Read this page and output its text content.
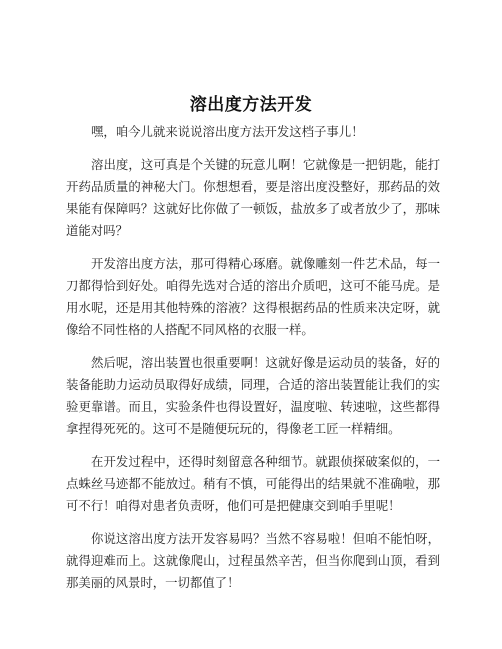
溶出度方法开发

嘿，咱今儿就来说说溶出度方法开发这档子事儿！

溶出度，这可真是个关键的玩意儿啊！它就像是一把钥匙，能打开药品质量的神秘大门。你想想看，要是溶出度没整好，那药品的效果能有保障吗？这就好比你做了一顿饭，盐放多了或者放少了，那味道能对吗？

开发溶出度方法，那可得精心琢磨。就像雕刻一件艺术品，每一刀都得恰到好处。咱得先选对合适的溶出介质吧，这可不能马虎。是用水呢，还是用其他特殊的溶液？这得根据药品的性质来决定呀，就像给不同性格的人搭配不同风格的衣服一样。

然后呢，溶出装置也很重要啊！这就好像是运动员的装备，好的装备能助力运动员取得好成绩，同理，合适的溶出装置能让我们的实验更靠谱。而且，实验条件也得设置好，温度啦、转速啦，这些都得拿捏得死死的。这可不是随便玩玩的，得像老工匠一样精细。

在开发过程中，还得时刻留意各种细节。就跟侦探破案似的，一点蛛丝马迹都不能放过。稍有不慎，可能得出的结果就不准确啦，那可不行！咱得对患者负责呀，他们可是把健康交到咱手里呢！

你说这溶出度方法开发容易吗？当然不容易啦！但咱不能怕呀，就得迎难而上。这就像爬山，过程虽然辛苦，但当你爬到山顶，看到那美丽的风景时，一切都值了！
